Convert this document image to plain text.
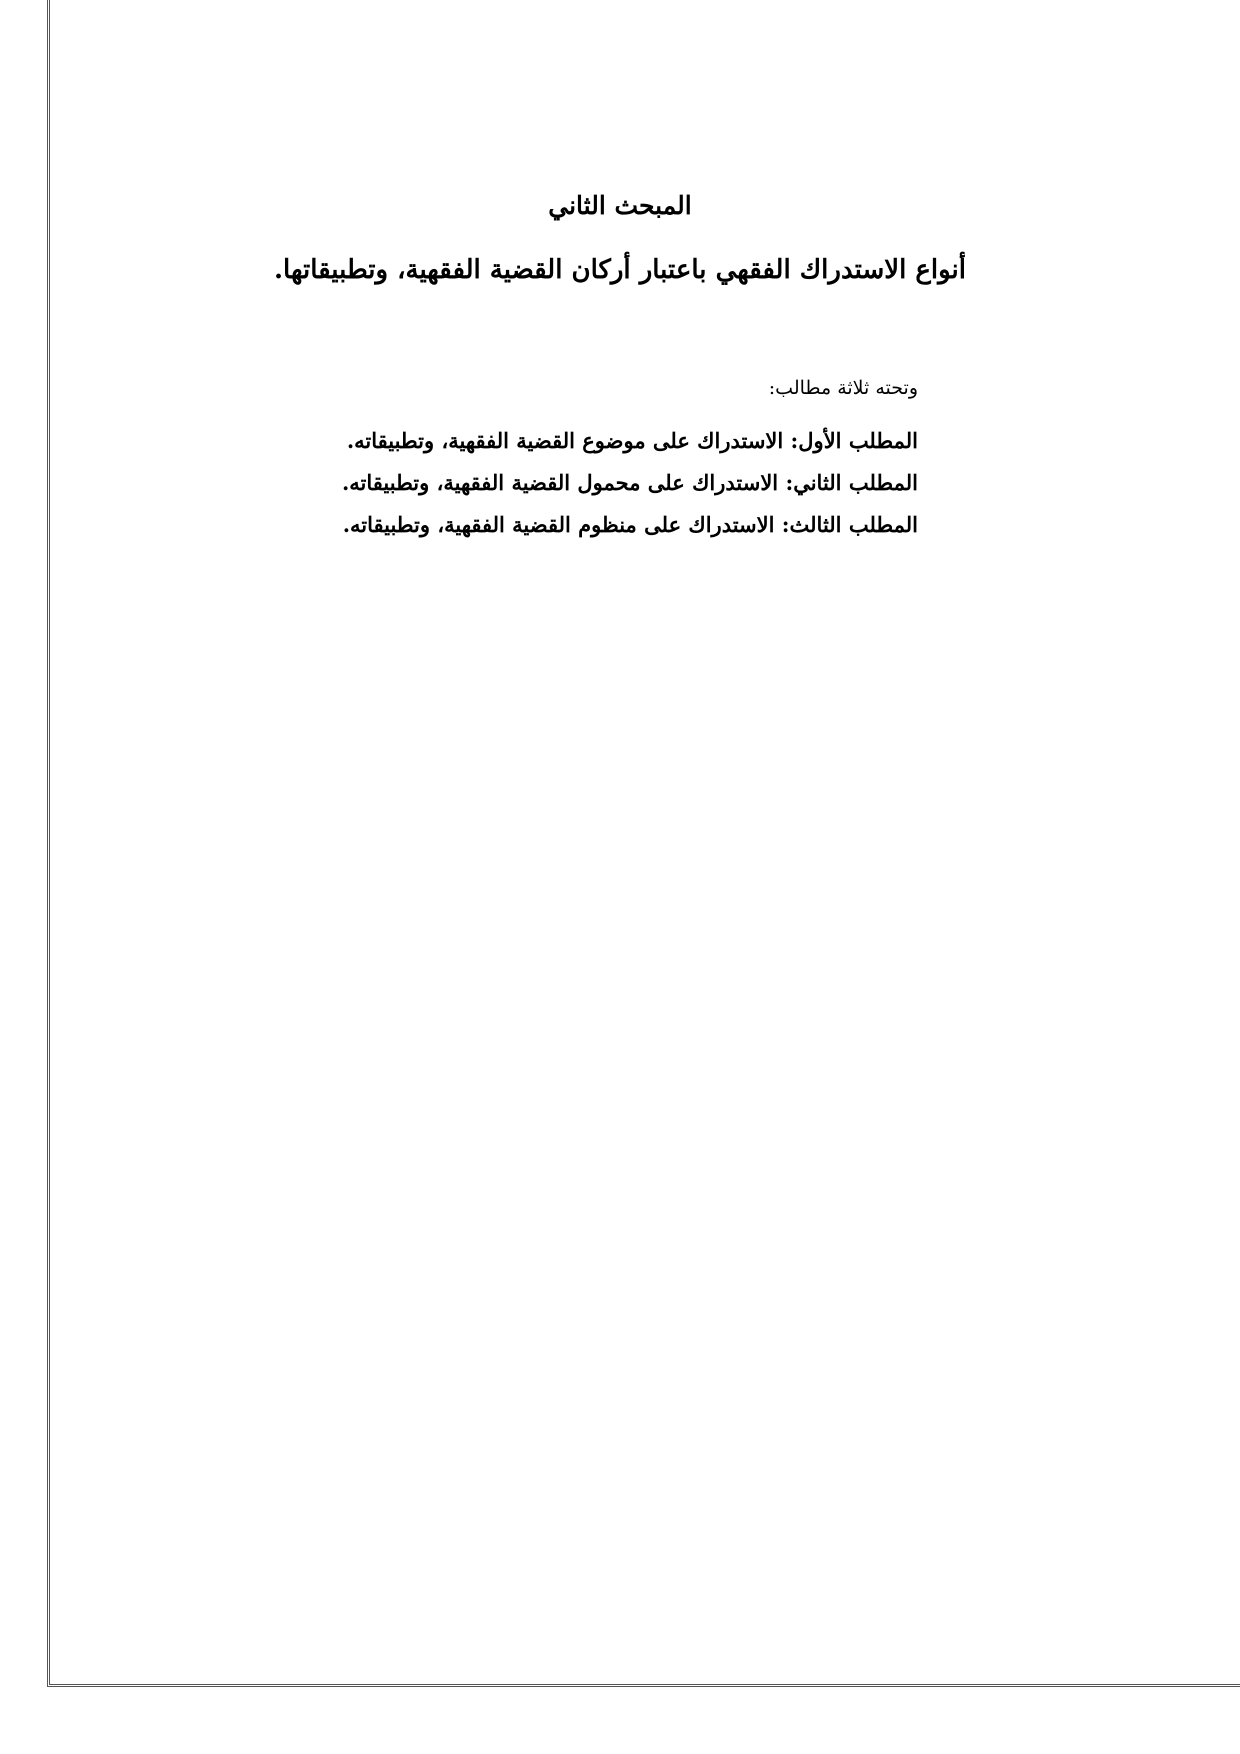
المبحث الثاني
أنواع الاستدراك الفقهي باعتبار أركان القضية الفقهية، وتطبيقاتها.
وتحته ثلاثة مطالب:
المطلب الأول: الاستدراك على موضوع القضية الفقهية، وتطبيقاته.
المطلب الثاني: الاستدراك على محمول القضية الفقهية، وتطبيقاته.
المطلب الثالث: الاستدراك على منظوم القضية الفقهية، وتطبيقاته.
